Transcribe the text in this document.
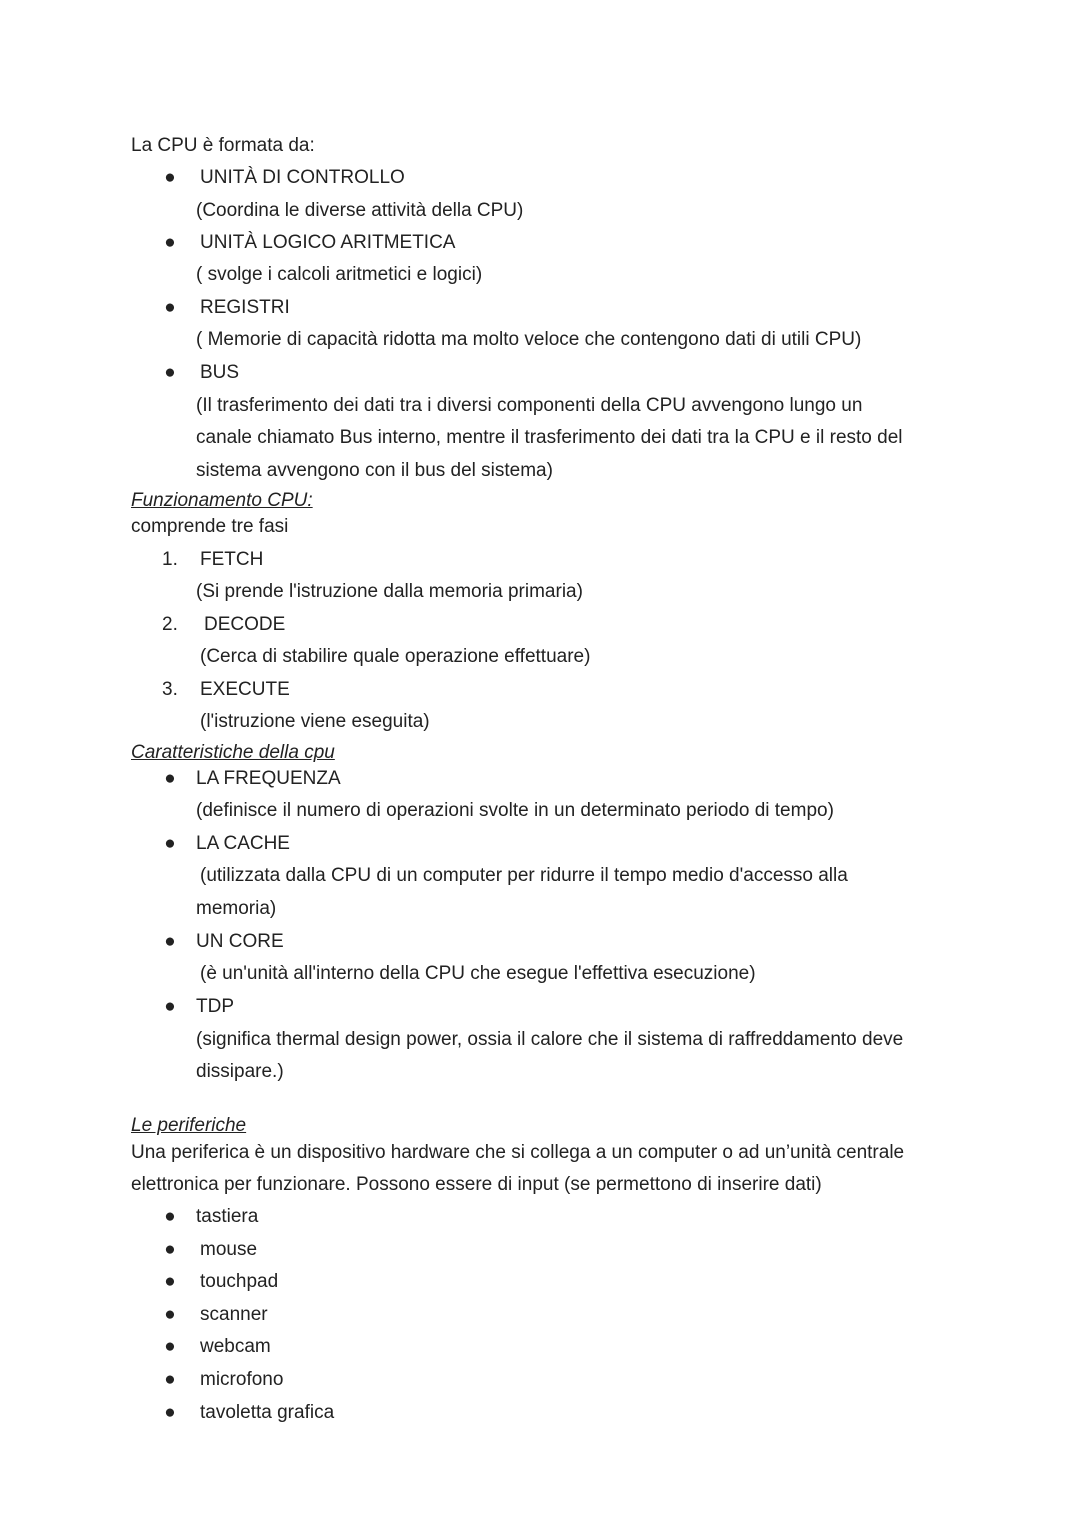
La CPU è formata da:

● UNITÀ DI CONTROLLO

(Coordina le diverse attività della CPU)

● UNITÀ LOGICO ARITMETICA

( svolge i calcoli aritmetici e logici)

● REGISTRI

( Memorie di capacità ridotta ma molto veloce che contengono dati di utili CPU)

● BUS

(Il trasferimento dei dati tra i diversi componenti della CPU avvengono lungo un

canale chiamato Bus interno, mentre il trasferimento dei dati tra la CPU e il resto del

sistema avvengono con il bus del sistema)

Funzionamento CPU:

comprende tre fasi

1. FETCH

(Si prende l'istruzione dalla memoria primaria)

2. DECODE

(Cerca di stabilire quale operazione effettuare)

3. EXECUTE

(l'istruzione viene eseguita)

Caratteristiche della cpu

● LA FREQUENZA

(definisce il numero di operazioni svolte in un determinato periodo di tempo)

● LA CACHE

(utilizzata dalla CPU di un computer per ridurre il tempo medio d'accesso alla

memoria)

● UN CORE

(è un'unità all'interno della CPU che esegue l'effettiva esecuzione)

● TDP

(significa thermal design power, ossia il calore che il sistema di raffreddamento deve

dissipare.)

Le periferiche

Una periferica è un dispositivo hardware che si collega a un computer o ad un’unità centrale

elettronica per funzionare. Possono essere di input (se permettono di inserire dati)

● tastiera

● mouse

● touchpad

● scanner

● webcam

● microfono

● tavoletta grafica
